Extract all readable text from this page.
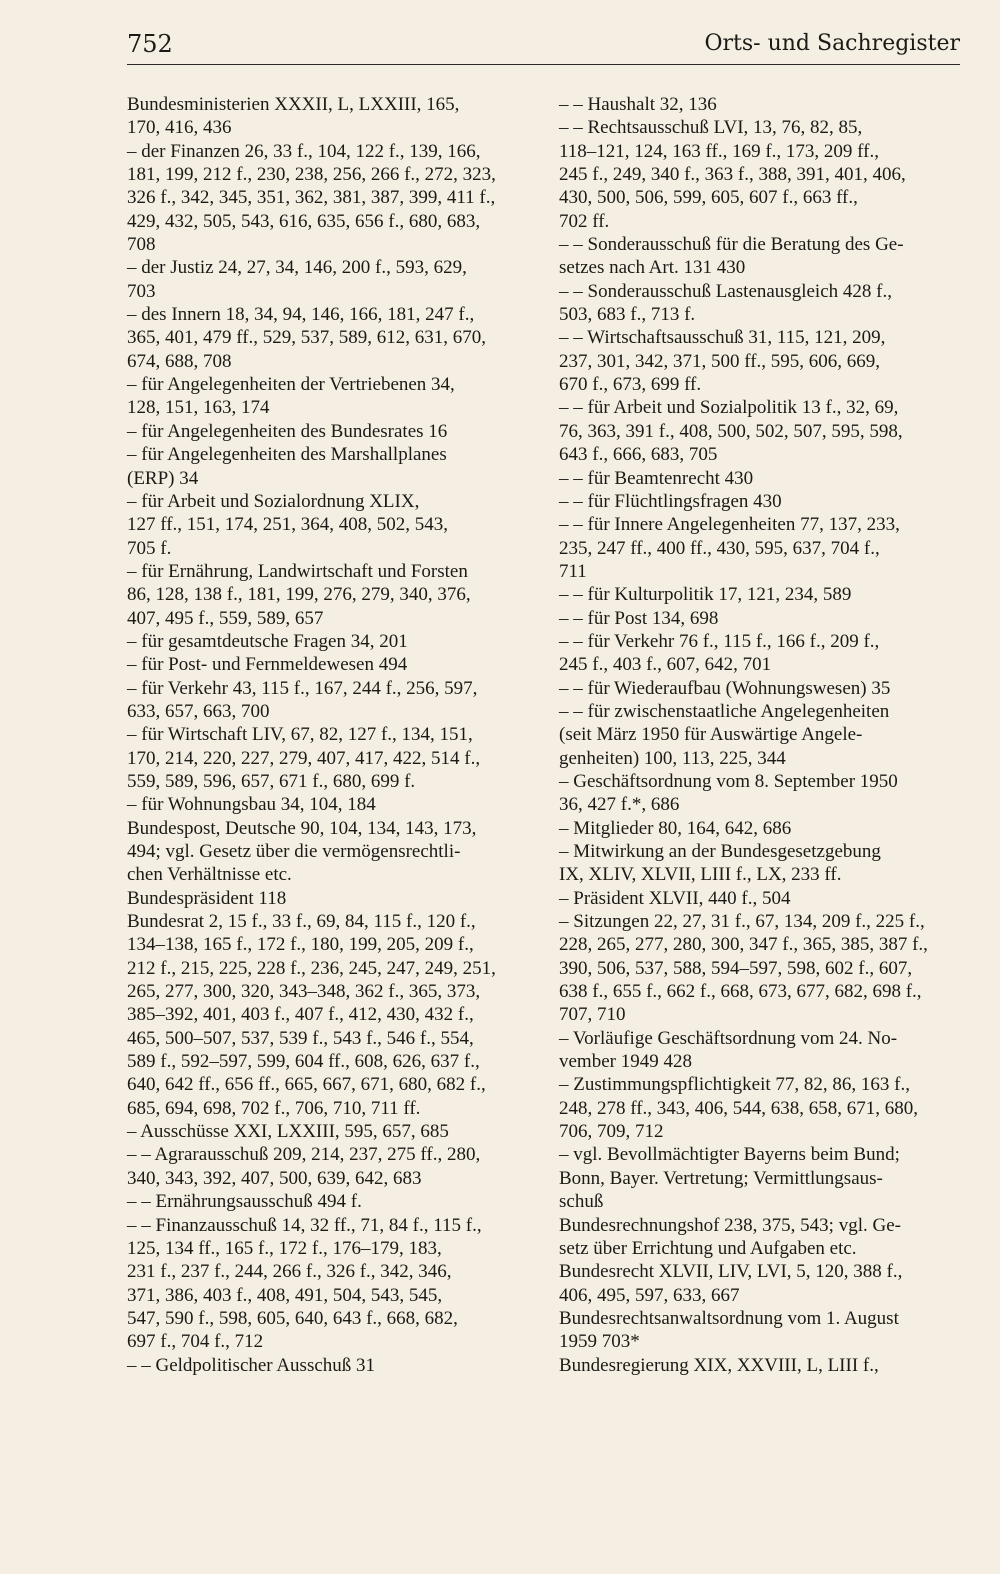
752	Orts- und Sachregister

Bundesministerien XXXII, L, LXXIII, 165,
170, 416, 436

– der Finanzen 26, 33 f., 104, 122 f., 139, 166,
181, 199, 212 f., 230, 238, 256, 266 f., 272, 323,
326 f., 342, 345, 351, 362, 381, 387, 399, 411 f.,
429, 432, 505, 543, 616, 635, 656 f., 680, 683,
708

– der Justiz 24, 27, 34, 146, 200 f., 593, 629,
703

– des Innern 18, 34, 94, 146, 166, 181, 247 f.,
365, 401, 479 ff., 529, 537, 589, 612, 631, 670,
674, 688, 708

– für Angelegenheiten der Vertriebenen 34,
128, 151, 163, 174

– für Angelegenheiten des Bundesrates 16

– für Angelegenheiten des Marshallplanes
(ERP) 34

– für Arbeit und Sozialordnung XLIX,
127 ff., 151, 174, 251, 364, 408, 502, 543,
705 f.

– für Ernährung, Landwirtschaft und Forsten
86, 128, 138 f., 181, 199, 276, 279, 340, 376,
407, 495 f., 559, 589, 657

– für gesamtdeutsche Fragen 34, 201

– für Post- und Fernmeldewesen 494

– für Verkehr 43, 115 f., 167, 244 f., 256, 597,
633, 657, 663, 700

– für Wirtschaft LIV, 67, 82, 127 f., 134, 151,
170, 214, 220, 227, 279, 407, 417, 422, 514 f.,
559, 589, 596, 657, 671 f., 680, 699 f.

– für Wohnungsbau 34, 104, 184

Bundespost, Deutsche 90, 104, 134, 143, 173,
494; vgl. Gesetz über die vermögensrechtli-
chen Verhältnisse etc.

Bundespräsident 118

Bundesrat 2, 15 f., 33 f., 69, 84, 115 f., 120 f.,
134–138, 165 f., 172 f., 180, 199, 205, 209 f.,
212 f., 215, 225, 228 f., 236, 245, 247, 249, 251,
265, 277, 300, 320, 343–348, 362 f., 365, 373,
385–392, 401, 403 f., 407 f., 412, 430, 432 f.,
465, 500–507, 537, 539 f., 543 f., 546 f., 554,
589 f., 592–597, 599, 604 ff., 608, 626, 637 f.,
640, 642 ff., 656 ff., 665, 667, 671, 680, 682 f.,
685, 694, 698, 702 f., 706, 710, 711 ff.

– Ausschüsse XXI, LXXIII, 595, 657, 685

– – Agrarausschuß 209, 214, 237, 275 ff., 280,
340, 343, 392, 407, 500, 639, 642, 683

– – Ernährungsausschuß 494 f.

– – Finanzausschuß 14, 32 ff., 71, 84 f., 115 f.,
125, 134 ff., 165 f., 172 f., 176–179, 183,
231 f., 237 f., 244, 266 f., 326 f., 342, 346,
371, 386, 403 f., 408, 491, 504, 543, 545,
547, 590 f., 598, 605, 640, 643 f., 668, 682,
697 f., 704 f., 712

– – Geldpolitischer Ausschuß 31

– – Haushalt 32, 136

– – Rechtsausschuß LVI, 13, 76, 82, 85,
118–121, 124, 163 ff., 169 f., 173, 209 ff.,
245 f., 249, 340 f., 363 f., 388, 391, 401, 406,
430, 500, 506, 599, 605, 607 f., 663 ff.,
702 ff.

– – Sonderausschuß für die Beratung des Ge-
setzes nach Art. 131 430

– – Sonderausschuß Lastenausgleich 428 f.,
503, 683 f., 713 f.

– – Wirtschaftsausschuß 31, 115, 121, 209,
237, 301, 342, 371, 500 ff., 595, 606, 669,
670 f., 673, 699 ff.

– – für Arbeit und Sozialpolitik 13 f., 32, 69,
76, 363, 391 f., 408, 500, 502, 507, 595, 598,
643 f., 666, 683, 705

– – für Beamtenrecht 430

– – für Flüchtlingsfragen 430

– – für Innere Angelegenheiten 77, 137, 233,
235, 247 ff., 400 ff., 430, 595, 637, 704 f.,
711

– – für Kulturpolitik 17, 121, 234, 589

– – für Post 134, 698

– – für Verkehr 76 f., 115 f., 166 f., 209 f.,
245 f., 403 f., 607, 642, 701

– – für Wiederaufbau (Wohnungswesen) 35

– – für zwischenstaatliche Angelegenheiten
(seit März 1950 für Auswärtige Angele-
genheiten) 100, 113, 225, 344

– Geschäftsordnung vom 8. September 1950
36, 427 f.*, 686

– Mitglieder 80, 164, 642, 686

– Mitwirkung an der Bundesgesetzgebung
IX, XLIV, XLVII, LIII f., LX, 233 ff.

– Präsident XLVII, 440 f., 504

– Sitzungen 22, 27, 31 f., 67, 134, 209 f., 225 f.,
228, 265, 277, 280, 300, 347 f., 365, 385, 387 f.,
390, 506, 537, 588, 594–597, 598, 602 f., 607,
638 f., 655 f., 662 f., 668, 673, 677, 682, 698 f.,
707, 710

– Vorläufige Geschäftsordnung vom 24. No-
vember 1949 428

– Zustimmungspflichtigkeit 77, 82, 86, 163 f.,
248, 278 ff., 343, 406, 544, 638, 658, 671, 680,
706, 709, 712

– vgl. Bevollmächtigter Bayerns beim Bund;
Bonn, Bayer. Vertretung; Vermittlungsaus-
schuß

Bundesrechnungshof 238, 375, 543; vgl. Ge-
setz über Errichtung und Aufgaben etc.

Bundesrecht XLVII, LIV, LVI, 5, 120, 388 f.,
406, 495, 597, 633, 667

Bundesrechtsanwaltsordnung vom 1. August
1959 703*

Bundesregierung XIX, XXVIII, L, LIII f.,
